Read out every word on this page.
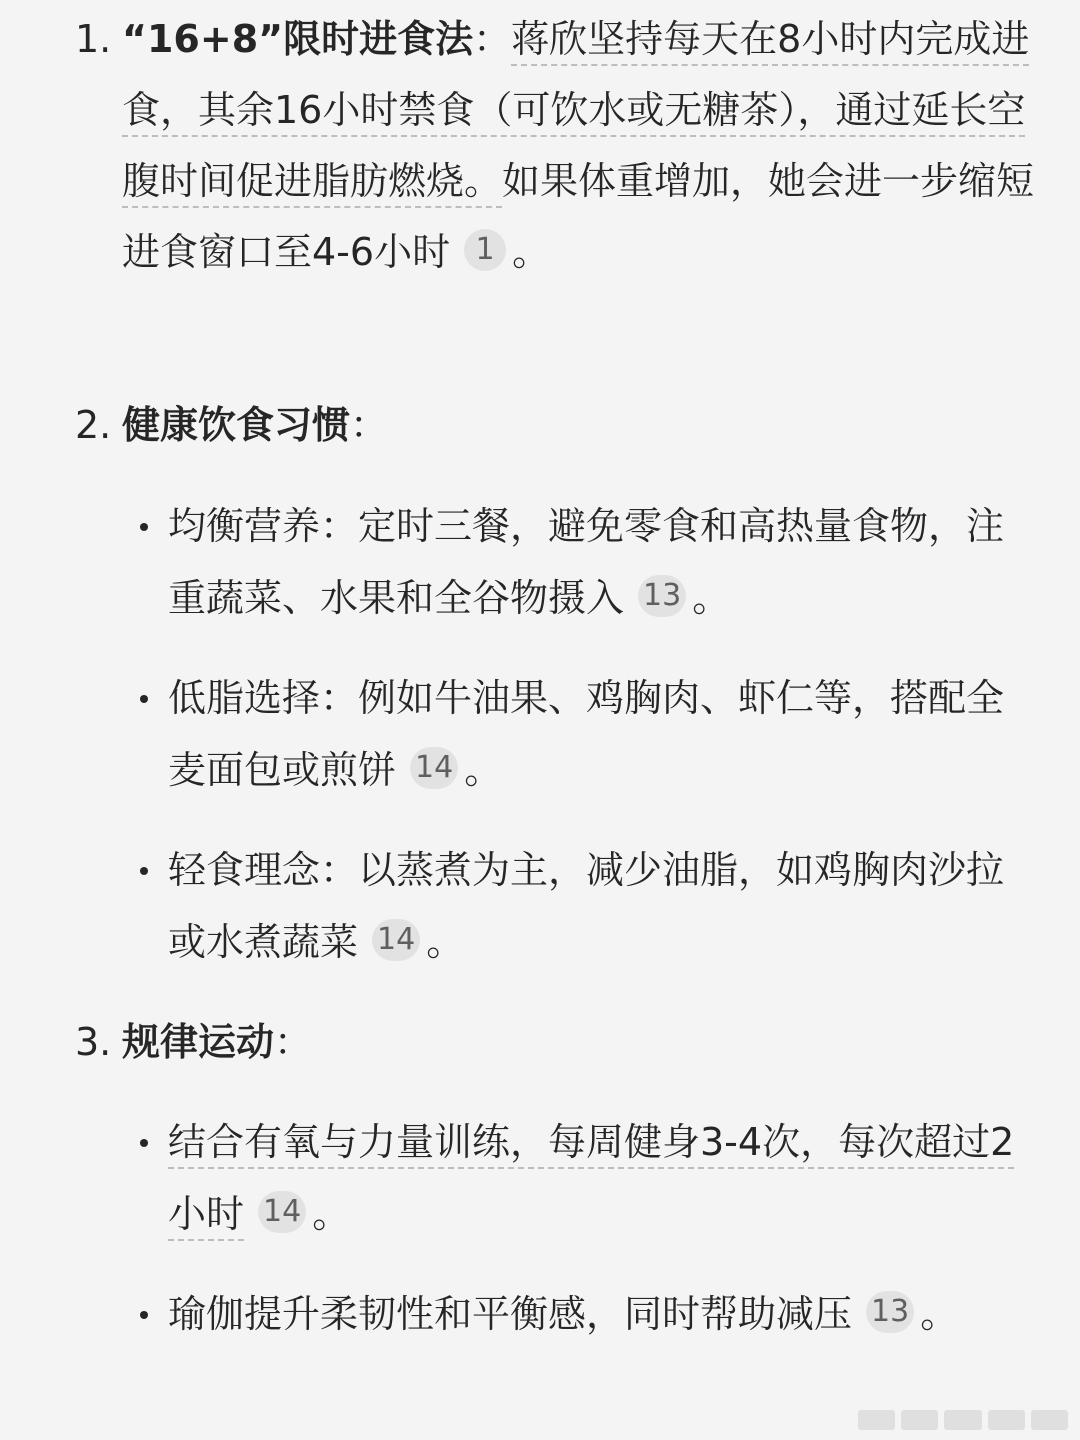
1. “16+8”限时进食法：蒋欣坚持每天在8小时内完成进食，其余16小时禁食（可饮水或无糖茶），通过延长空腹时间促进脂肪燃烧。如果体重增加，她会进一步缩短进食窗口至4-6小时 1 。
2. 健康饮食习惯：
均衡营养：定时三餐，避免零食和高热量食物，注重蔬菜、水果和全谷物摄入 13 。
低脂选择：例如牛油果、鸡胸肉、虾仁等，搭配全麦面包或煎饼 14 。
轻食理念：以蒸煮为主，减少油脂，如鸡胸肉沙拉或水煮蔬菜 14 。
3. 规律运动：
结合有氧与力量训练，每周健身3-4次，每次超过2小时 14 。
瑜伽提升柔韧性和平衡感，同时帮助减压 13 。
